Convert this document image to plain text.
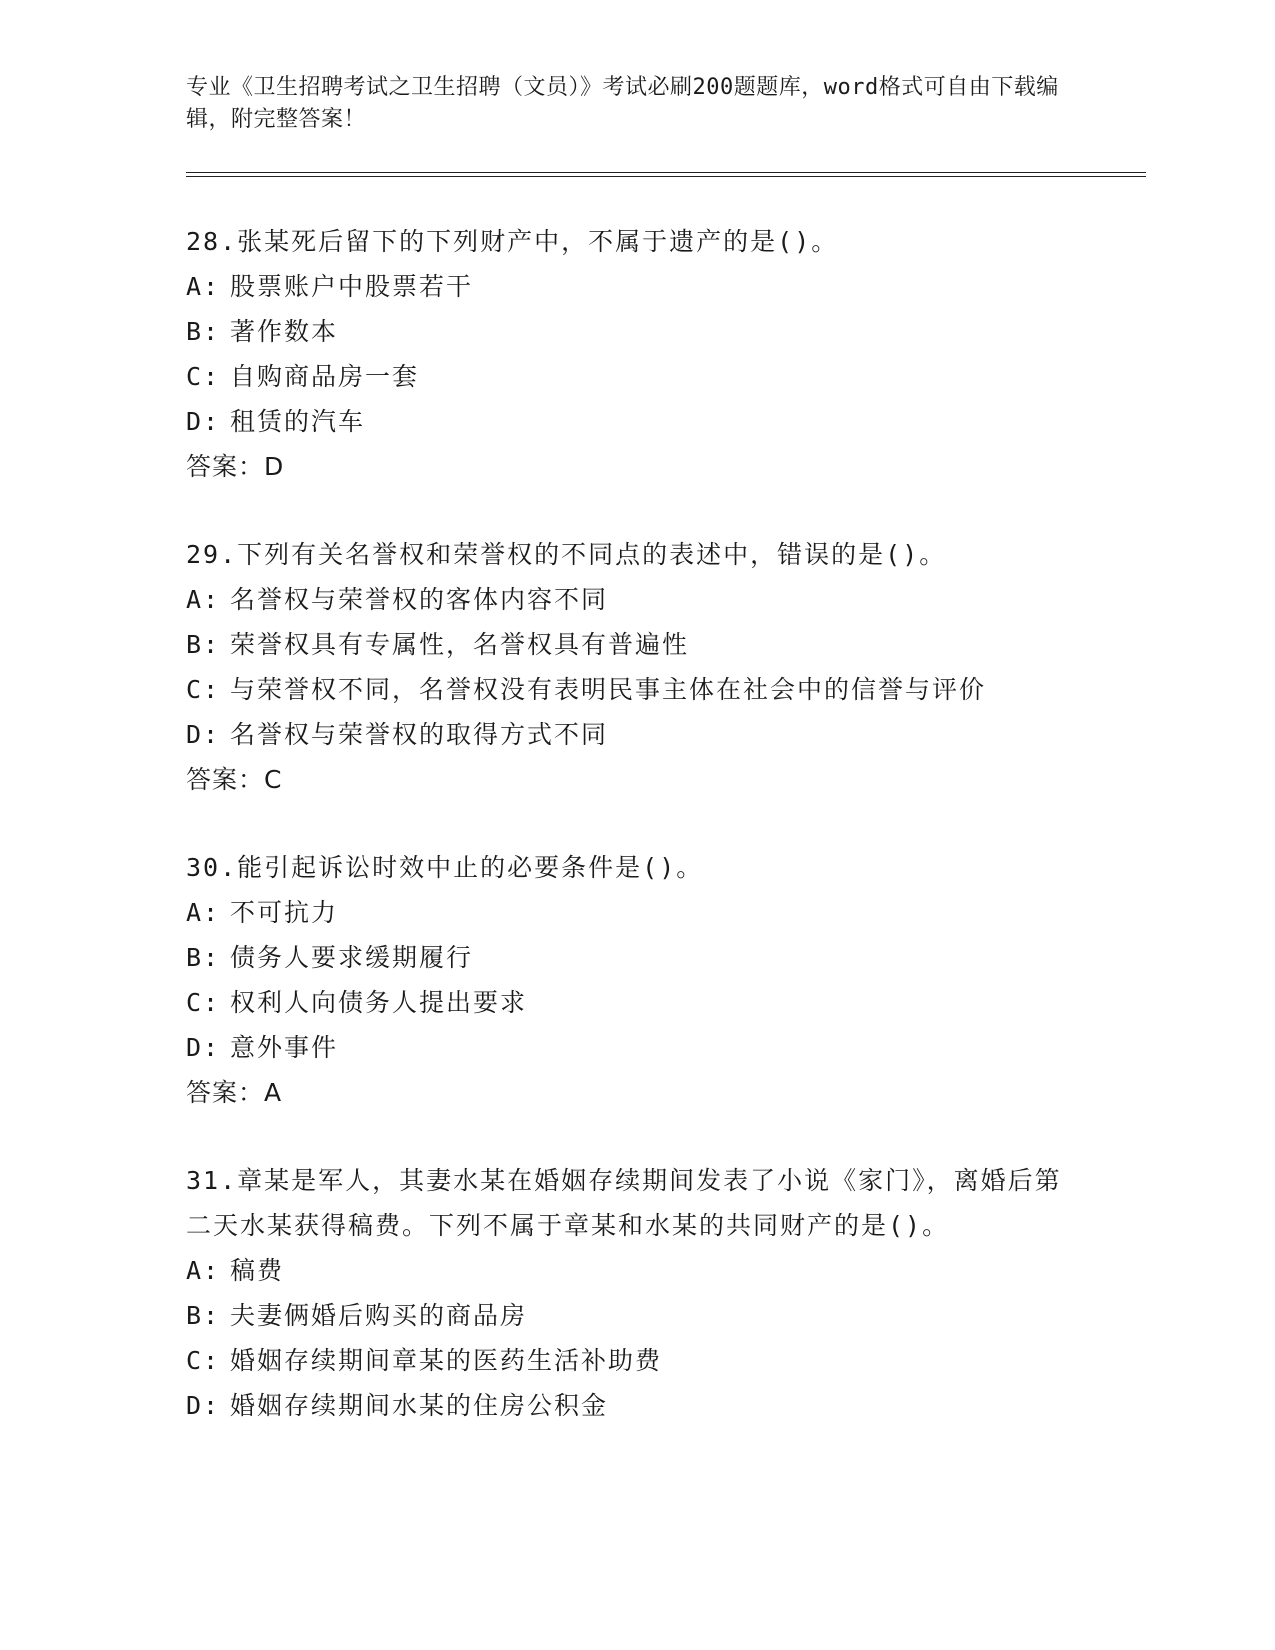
专业《卫生招聘考试之卫生招聘（文员）》考试必刷200题题库，word格式可自由下载编辑，附完整答案！
28.张某死后留下的下列财产中，不属于遗产的是()。
A: 股票账户中股票若干
B: 著作数本
C: 自购商品房一套
D: 租赁的汽车
答案：D
29.下列有关名誉权和荣誉权的不同点的表述中，错误的是()。
A: 名誉权与荣誉权的客体内容不同
B: 荣誉权具有专属性，名誉权具有普遍性
C: 与荣誉权不同，名誉权没有表明民事主体在社会中的信誉与评价
D: 名誉权与荣誉权的取得方式不同
答案：C
30.能引起诉讼时效中止的必要条件是()。
A: 不可抗力
B: 债务人要求缓期履行
C: 权利人向债务人提出要求
D: 意外事件
答案：A
31.章某是军人，其妻水某在婚姻存续期间发表了小说《家门》，离婚后第二天水某获得稿费。下列不属于章某和水某的共同财产的是()。
A: 稿费
B: 夫妻俩婚后购买的商品房
C: 婚姻存续期间章某的医药生活补助费
D: 婚姻存续期间水某的住房公积金
